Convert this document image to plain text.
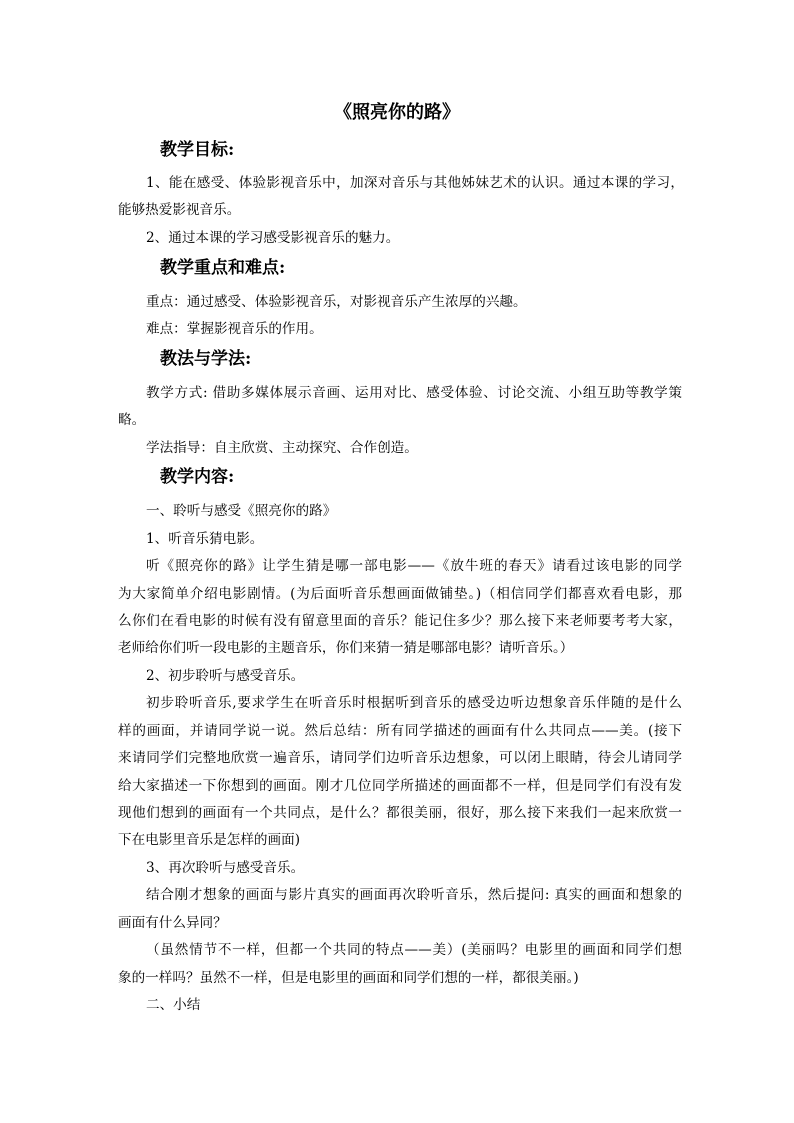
《照亮你的路》
教学目标:
1、能在感受、体验影视音乐中，加深对音乐与其他姊妹艺术的认识。通过本课的学习，
能够热爱影视音乐。
2、通过本课的学习感受影视音乐的魅力。
教学重点和难点:
重点：通过感受、体验影视音乐，对影视音乐产生浓厚的兴趣。
难点：掌握影视音乐的作用。
教法与学法:
教学方式: 借助多媒体展示音画、运用对比、感受体验、讨论交流、小组互助等教学策
略。
学法指导：自主欣赏、主动探究、合作创造。
教学内容:
一、聆听与感受《照亮你的路》
1、听音乐猜电影。
听《照亮你的路》让学生猜是哪一部电影——《放牛班的春天》请看过该电影的同学
为大家简单介绍电影剧情。(为后面听音乐想画面做铺垫。)（相信同学们都喜欢看电影，那
么你们在看电影的时候有没有留意里面的音乐？能记住多少？那么接下来老师要考考大家，
老师给你们听一段电影的主题音乐，你们来猜一猜是哪部电影？请听音乐。）
2、初步聆听与感受音乐。
初步聆听音乐,要求学生在听音乐时根据听到音乐的感受边听边想象音乐伴随的是什么
样的画面，并请同学说一说。然后总结：所有同学描述的画面有什么共同点——美。(接下
来请同学们完整地欣赏一遍音乐，请同学们边听音乐边想象，可以闭上眼睛，待会儿请同学
给大家描述一下你想到的画面。刚才几位同学所描述的画面都不一样，但是同学们有没有发
现他们想到的画面有一个共同点，是什么？都很美丽，很好，那么接下来我们一起来欣赏一
下在电影里音乐是怎样的画面)
3、再次聆听与感受音乐。
结合刚才想象的画面与影片真实的画面再次聆听音乐，然后提问: 真实的画面和想象的
画面有什么异同？
（虽然情节不一样，但都一个共同的特点——美）(美丽吗？电影里的画面和同学们想
象的一样吗？虽然不一样，但是电影里的画面和同学们想的一样，都很美丽。)
二、小结
